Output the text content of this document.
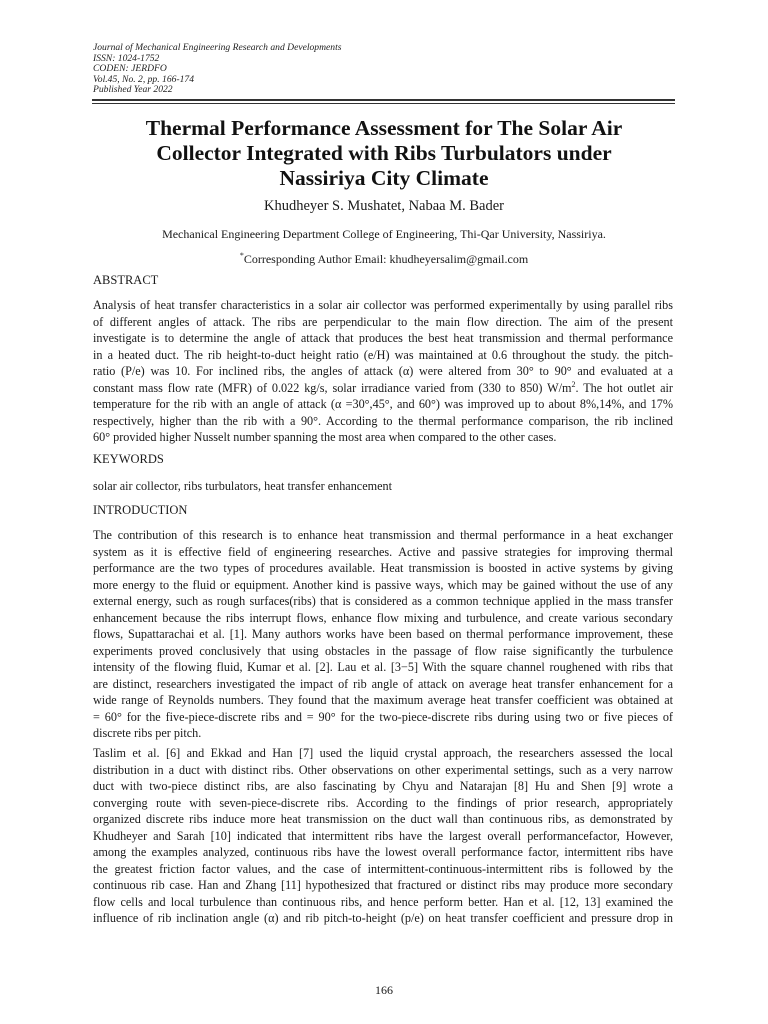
Journal of Mechanical Engineering Research and Developments
ISSN: 1024-1752
CODEN: JERDFO
Vol.45, No. 2, pp. 166-174
Published Year 2022
Thermal Performance Assessment for The Solar Air
Collector Integrated with Ribs Turbulators under
Nassiriya City Climate
Khudheyer S. Mushatet, Nabaa M. Bader
Mechanical Engineering Department College of Engineering, Thi-Qar University, Nassiriya.
*Corresponding Author Email: khudheyersalim@gmail.com
ABSTRACT
Analysis of heat transfer characteristics in a solar air collector was performed experimentally by using parallel ribs
of different angles of attack. The ribs are perpendicular to the main flow direction. The aim of the present
investigate is to determine the angle of attack that produces the best heat transmission and thermal performance
in a heated duct. The rib height-to-duct height ratio (e/H) was maintained at 0.6 throughout the study. the pitch-
ratio (P/e) was 10. For inclined ribs, the angles of attack (α) were altered from 30° to 90° and evaluated at a
constant mass flow rate (MFR) of 0.022 kg/s, solar irradiance varied from (330 to 850) $W/m^2$. The hot outlet air
temperature for the rib with an angle of attack (α =30°,45°, and 60°) was improved up to about 8%,14%, and 17%
respectively, higher than the rib with a 90°. According to the thermal performance comparison, the rib inclined
60° provided higher Nusselt number spanning the most area when compared to the other cases.
KEYWORDS
solar air collector, ribs turbulators, heat transfer enhancement
INTRODUCTION
The contribution of this research is to enhance heat transmission and thermal performance in a heat exchanger
system as it is effective field of engineering researches. Active and passive strategies for improving thermal
performance are the two types of procedures available. Heat transmission is boosted in active systems by giving
more energy to the fluid or equipment. Another kind is passive ways, which may be gained without the use of any
external energy, such as rough surfaces(ribs) that is considered as a common technique applied in the mass transfer
enhancement because the ribs interrupt flows, enhance flow mixing and turbulence, and create various secondary
flows, Supattarachai et al. [1]. Many authors works have been based on thermal performance improvement, these
experiments proved conclusively that using obstacles in the passage of flow raise significantly the turbulence
intensity of the flowing fluid, Kumar et al. [2]. Lau et al. [3−5] With the square channel roughened with ribs that
are distinct, researchers investigated the impact of rib angle of attack on average heat transfer enhancement for a
wide range of Reynolds numbers. They found that the maximum average heat transfer coefficient was obtained at
= 60° for the five-piece-discrete ribs and = 90° for the two-piece-discrete ribs during using two or five pieces of
discrete ribs per pitch.
Taslim et al. [6] and Ekkad and Han [7] used the liquid crystal approach, the researchers assessed the local
distribution in a duct with distinct ribs. Other observations on other experimental settings, such as a very narrow
duct with two-piece distinct ribs, are also fascinating by Chyu and Natarajan [8] Hu and Shen [9] wrote a
converging route with seven-piece-discrete ribs. According to the findings of prior research, appropriately
organized discrete ribs induce more heat transmission on the duct wall than continuous ribs, as demonstrated by
Khudheyer and Sarah [10] indicated that intermittent ribs have the largest overall performancefactor, However,
among the examples analyzed, continuous ribs have the lowest overall performance factor, intermittent ribs have
the greatest friction factor values, and the case of intermittent-continuous-intermittent ribs is followed by the
continuous rib case. Han and Zhang [11] hypothesized that fractured or distinct ribs may produce more secondary
flow cells and local turbulence than continuous ribs, and hence perform better. Han et al. [12, 13] examined the
influence of rib inclination angle (α) and rib pitch-to-height (p/e) on heat transfer coefficient and pressure drop in
166
